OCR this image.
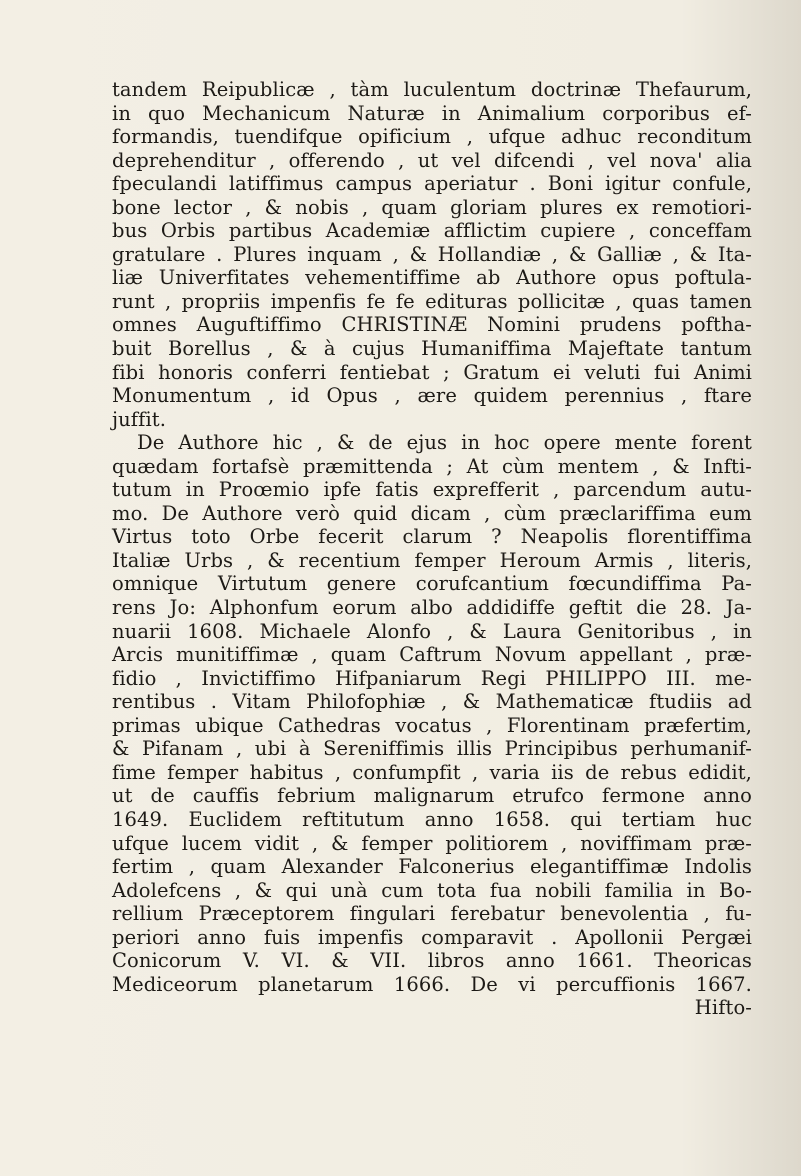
tandem Reipublicæ , tàm luculentum doctrinæ Thefaurum,
in quo Mechanicum Naturæ in Animalium corporibus ef-
formandis, tuendifque opificium , ufque adhuc reconditum
deprehenditur , offerendo , ut vel difcendi , vel nova' alia
fpeculandi latiffimus campus aperiatur . Boni igitur confule,
bone lector , & nobis , quam gloriam plures ex remotiori-
bus Orbis partibus Academiæ afflictim cupiere , conceffam
gratulare . Plures inquam , & Hollandiæ , & Galliæ , & Ita-
liæ Univerfitates vehementiffime ab Authore opus poftula-
runt , propriis impenfis fe fe edituras pollicitæ , quas tamen
omnes Auguftiffimo CHRISTINÆ Nomini prudens poftha-
buit Borellus , & à cujus Humaniffima Majeftate tantum
fibi honoris conferri fentiebat ; Gratum ei veluti fui Animi
Monumentum , id Opus , ære quidem perennius , ftare
juffit.
De Authore hic , & de ejus in hoc opere mente forent
quædam fortafsè præmittenda ; At cùm mentem , & Infti-
tutum in Proœmio ipfe fatis exprefferit , parcendum autu-
mo. De Authore verò quid dicam , cùm præclariffima eum
Virtus toto Orbe fecerit clarum ? Neapolis florentiffima
Italiæ Urbs , & recentium femper Heroum Armis , literis,
omnique Virtutum genere corufcantium fœcundiffima Pa-
rens Jo: Alphonfum eorum albo addidiffe geftit die 28. Ja-
nuarii 1608. Michaele Alonfo , & Laura Genitoribus , in
Arcis munitiffimæ , quam Caftrum Novum appellant , præ-
fidio , Invictiffimo Hifpaniarum Regi PHILIPPO III. me-
rentibus . Vitam Philofophiæ , & Mathematicæ ftudiis ad
primas ubique Cathedras vocatus , Florentinam præfertim,
& Pifanam , ubi à Sereniffimis illis Principibus perhumanif-
fime femper habitus , confumpfit , varia iis de rebus edidit,
ut de cauffis febrium malignarum etrufco fermone anno
1649. Euclidem reftitutum anno 1658. qui tertiam huc
ufque lucem vidit , & femper politiorem , noviffimam præ-
fertim , quam Alexander Falconerius elegantiffimæ Indolis
Adolefcens , & qui unà cum tota fua nobili familia in Bo-
rellium Præceptorem fingulari ferebatur benevolentia , fu-
periori anno fuis impenfis comparavit . Apollonii Pergæi
Conicorum V. VI. & VII. libros anno 1661. Theoricas
Mediceorum planetarum 1666. De vi percuffionis 1667.
Hifto-
